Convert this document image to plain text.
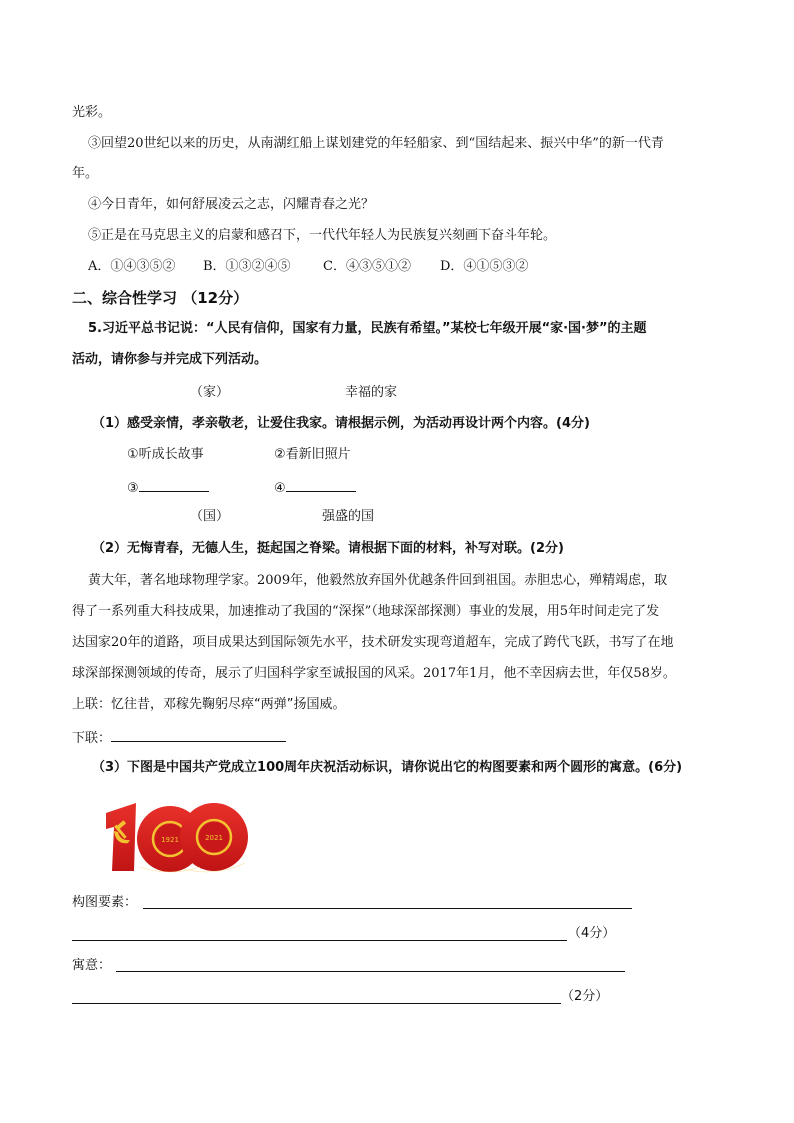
光彩。
③回望20世纪以来的历史，从南湖红船上谋划建党的年轻船家、到“国结起来、振兴中华”的新一代青
年。
④今日青年，如何舒展凌云之志，闪耀青春之光？
⑤正是在马克思主义的启蒙和感召下，一代代年轻人为民族复兴刻画下奋斗年轮。
A．①④③⑤② B．①③②④⑤ C．④③⑤①② D．④①⑤③②
二、综合性学习 （12分）
5.习近平总书记说：“人民有信仰，国家有力量，民族有希望。”某校七年级开展“家·国·梦”的主题
活动，请你参与并完成下列活动。
（家）	幸福的家
（1）感受亲情，孝亲敬老，让爱住我家。请根据示例，为活动再设计两个内容。(4分)
①听成长故事	②看新旧照片
③	④
（国）	强盛的国
（2）无悔青春，无德人生，挺起国之脊梁。请根据下面的材料，补写对联。(2分)
黄大年，著名地球物理学家。2009年，他毅然放弃国外优越条件回到祖国。赤胆忠心，殚精竭虑，取
得了一系列重大科技成果，加速推动了我国的“深探”（地球深部探测）事业的发展，用5年时间走完了发
达国家20年的道路，项目成果达到国际领先水平，技术研发实现弯道超车，完成了跨代飞跃，书写了在地
球深部探测领域的传奇，展示了归国科学家至诚报国的风采。2017年1月，他不幸因病去世，年仅58岁。
上联：忆往昔，邓稼先鞠躬尽瘁“两弹”扬国威。
下联：
（3）下图是中国共产党成立100周年庆祝活动标识，请你说出它的构图要素和两个圆形的寓意。(6分)
1921	2021
构图要素：
（4分）
寓意：
（2分）
